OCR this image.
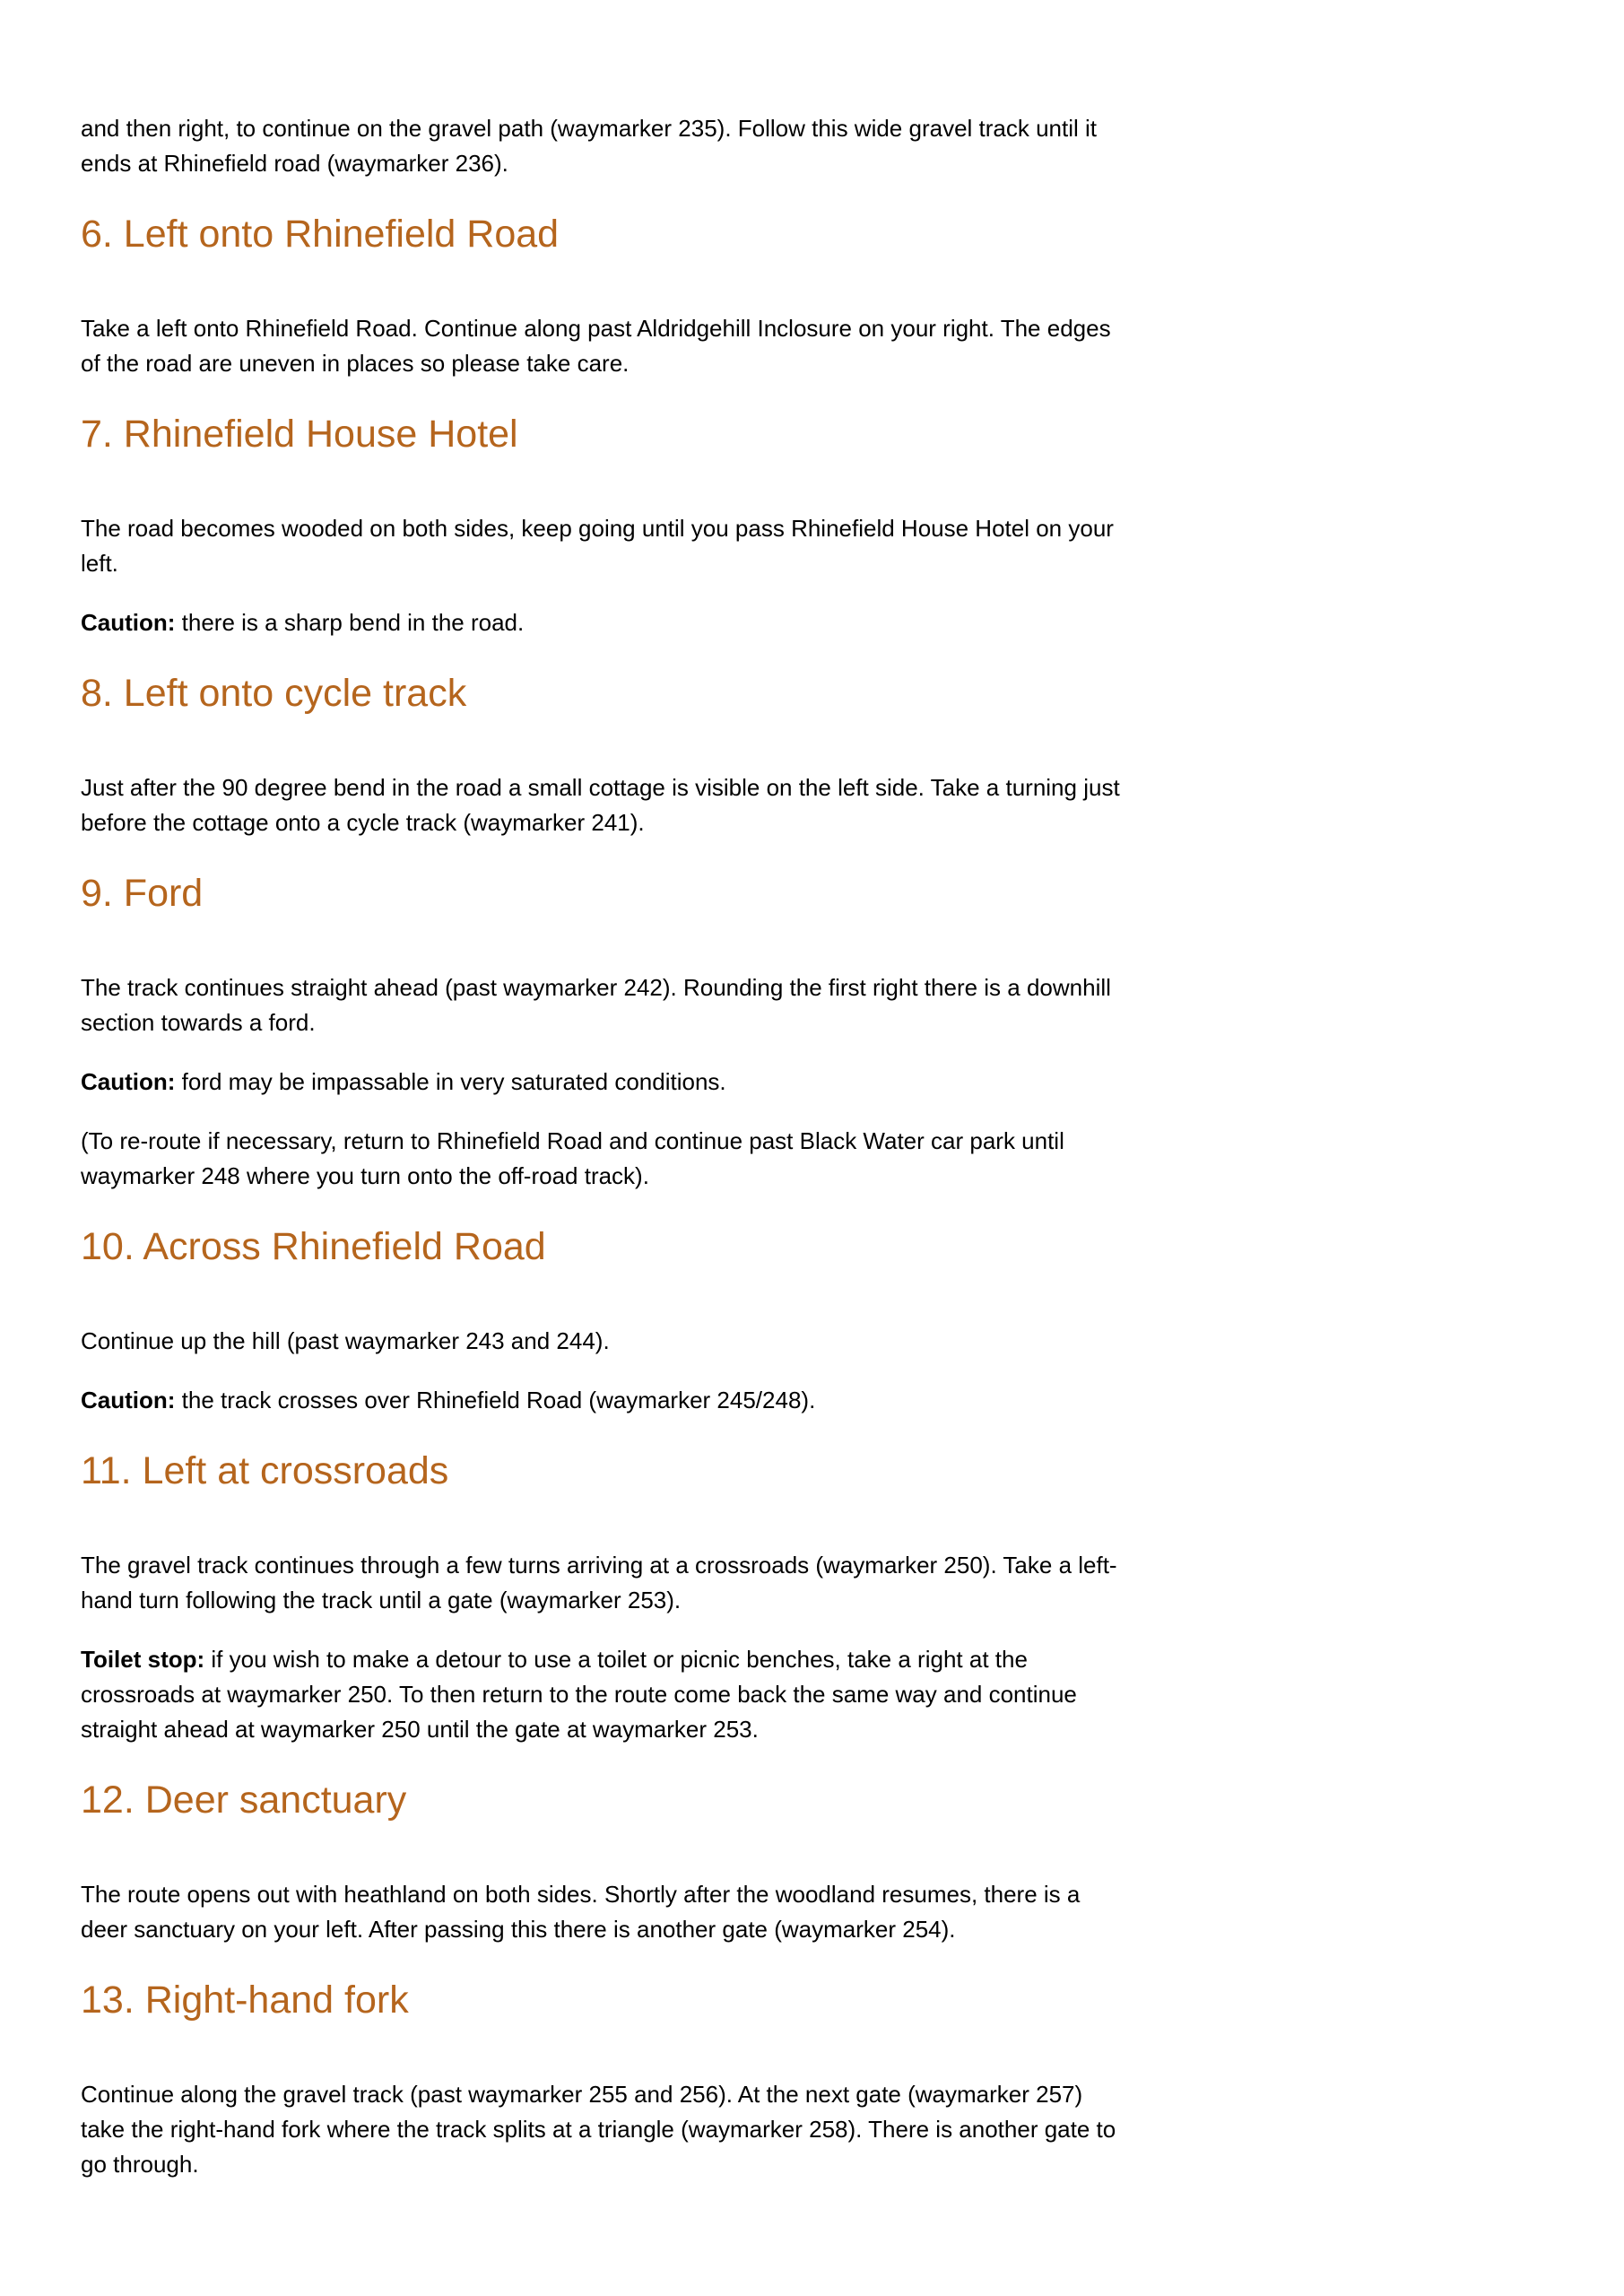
and then right, to continue on the gravel path (waymarker 235). Follow this wide gravel track until it ends at Rhinefield road (waymarker 236).

6. Left onto Rhinefield Road

Take a left onto Rhinefield Road. Continue along past Aldridgehill Inclosure on your right. The edges of the road are uneven in places so please take care.

7. Rhinefield House Hotel

The road becomes wooded on both sides, keep going until you pass Rhinefield House Hotel on your left.

Caution: there is a sharp bend in the road.

8. Left onto cycle track

Just after the 90 degree bend in the road a small cottage is visible on the left side. Take a turning just before the cottage onto a cycle track (waymarker 241).

9. Ford

The track continues straight ahead (past waymarker 242). Rounding the first right there is a downhill section towards a ford.

Caution: ford may be impassable in very saturated conditions.

(To re-route if necessary, return to Rhinefield Road and continue past Black Water car park until waymarker 248 where you turn onto the off-road track).

10. Across Rhinefield Road

Continue up the hill (past waymarker 243 and 244).

Caution: the track crosses over Rhinefield Road (waymarker 245/248).

11. Left at crossroads

The gravel track continues through a few turns arriving at a crossroads (waymarker 250). Take a left-hand turn following the track until a gate (waymarker 253).

Toilet stop: if you wish to make a detour to use a toilet or picnic benches, take a right at the crossroads at waymarker 250. To then return to the route come back the same way and continue straight ahead at waymarker 250 until the gate at waymarker 253.

12. Deer sanctuary

The route opens out with heathland on both sides. Shortly after the woodland resumes, there is a deer sanctuary on your left. After passing this there is another gate (waymarker 254).

13. Right-hand fork

Continue along the gravel track (past waymarker 255 and 256). At the next gate (waymarker 257) take the right-hand fork where the track splits at a triangle (waymarker 258). There is another gate to go through.
